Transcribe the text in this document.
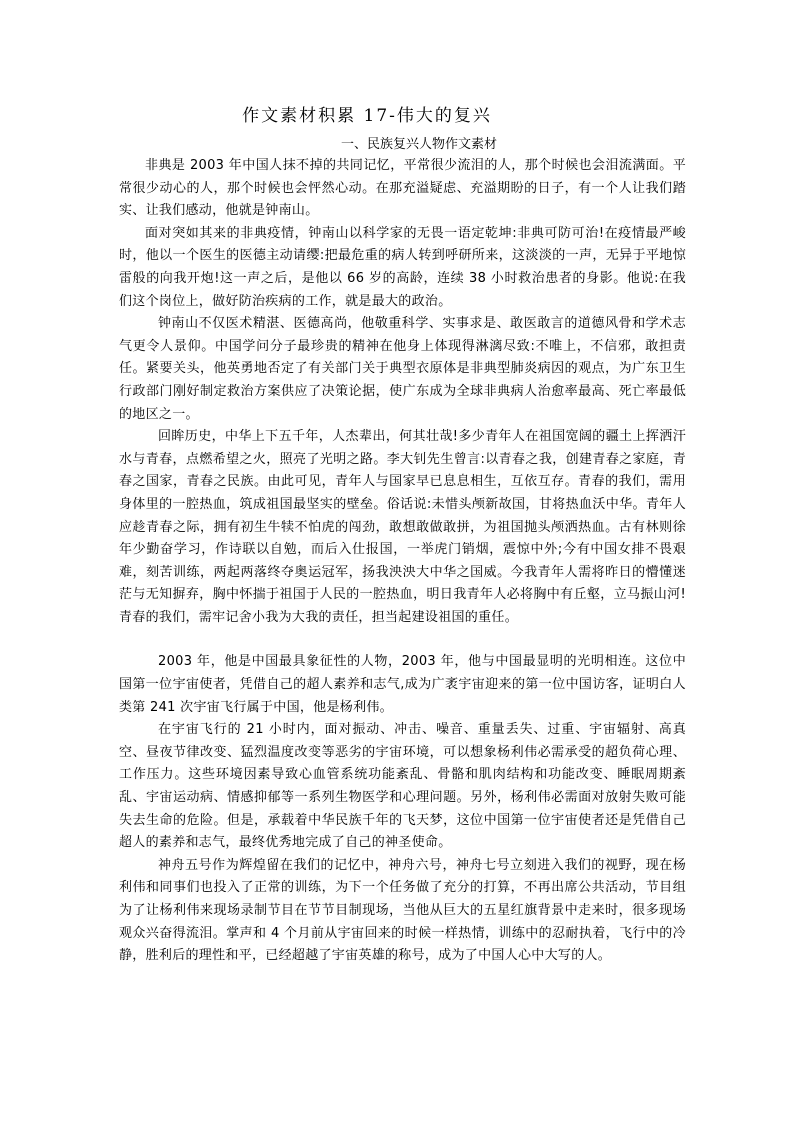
作文素材积累 17-伟大的复兴
一、民族复兴人物作文素材

非典是 2003 年中国人抹不掉的共同记忆，平常很少流泪的人，那个时候也会泪流满面。平常很少动心的人，那个时候也会怦然心动。在那充溢疑虑、充溢期盼的日子，有一个人让我们踏实、让我们感动，他就是钟南山。

面对突如其来的非典疫情，钟南山以科学家的无畏一语定乾坤:非典可防可治!在疫情最严峻时，他以一个医生的医德主动请缨:把最危重的病人转到呼研所来，这淡淡的一声，无异于平地惊雷般的向我开炮!这一声之后，是他以 66 岁的高龄，连续 38 小时救治患者的身影。他说:在我们这个岗位上，做好防治疾病的工作，就是最大的政治。

钟南山不仅医术精湛、医德高尚，他敬重科学、实事求是、敢医敢言的道德风骨和学术志气更令人景仰。中国学问分子最珍贵的精神在他身上体现得淋漓尽致:不唯上，不信邪，敢担责任。紧要关头，他英勇地否定了有关部门关于典型衣原体是非典型肺炎病因的观点，为广东卫生行政部门刚好制定救治方案供应了决策论据，使广东成为全球非典病人治愈率最高、死亡率最低的地区之一。

回眸历史，中华上下五千年，人杰辈出，何其壮哉!多少青年人在祖国宽阔的疆土上挥洒汗水与青春，点燃希望之火，照亮了光明之路。李大钊先生曾言:以青春之我，创建青春之家庭，青春之国家，青春之民族。由此可见，青年人与国家早已息息相生，互依互存。青春的我们，需用身体里的一腔热血，筑成祖国最坚实的壁垒。俗话说:未惜头颅新故国，甘将热血沃中华。青年人应趁青春之际，拥有初生牛犊不怕虎的闯劲，敢想敢做敢拼，为祖国抛头颅洒热血。古有林则徐年少勤奋学习，作诗联以自勉，而后入仕报国，一举虎门销烟，震惊中外;今有中国女排不畏艰难，刻苦训练，两起两落终夺奥运冠军，扬我泱泱大中华之国威。今我青年人需将昨日的懵懂迷茫与无知摒弃，胸中怀揣于祖国于人民的一腔热血，明日我青年人必将胸中有丘壑，立马振山河!青春的我们，需牢记舍小我为大我的责任，担当起建设祖国的重任。

2003 年，他是中国最具象征性的人物，2003 年，他与中国最显明的光明相连。这位中国第一位宇宙使者，凭借自己的超人素养和志气,成为广袤宇宙迎来的第一位中国访客，证明白人类第 241 次宇宙飞行属于中国，他是杨利伟。

在宇宙飞行的 21 小时内，面对振动、冲击、噪音、重量丢失、过重、宇宙辐射、高真空、昼夜节律改变、猛烈温度改变等恶劣的宇宙环境，可以想象杨利伟必需承受的超负荷心理、工作压力。这些环境因素导致心血管系统功能紊乱、骨骼和肌肉结构和功能改变、睡眠周期紊乱、宇宙运动病、情感抑郁等一系列生物医学和心理问题。另外，杨利伟必需面对放射失败可能失去生命的危险。但是，承载着中华民族千年的飞天梦，这位中国第一位宇宙使者还是凭借自己超人的素养和志气，最终优秀地完成了自己的神圣使命。

神舟五号作为辉煌留在我们的记忆中，神舟六号，神舟七号立刻进入我们的视野，现在杨利伟和同事们也投入了正常的训练，为下一个任务做了充分的打算，不再出席公共活动，节目组为了让杨利伟来现场录制节目在节节目制现场，当他从巨大的五星红旗背景中走来时，很多现场观众兴奋得流泪。掌声和 4 个月前从宇宙回来的时候一样热情，训练中的忍耐执着，飞行中的冷静，胜利后的理性和平，已经超越了宇宙英雄的称号，成为了中国人心中大写的人。
